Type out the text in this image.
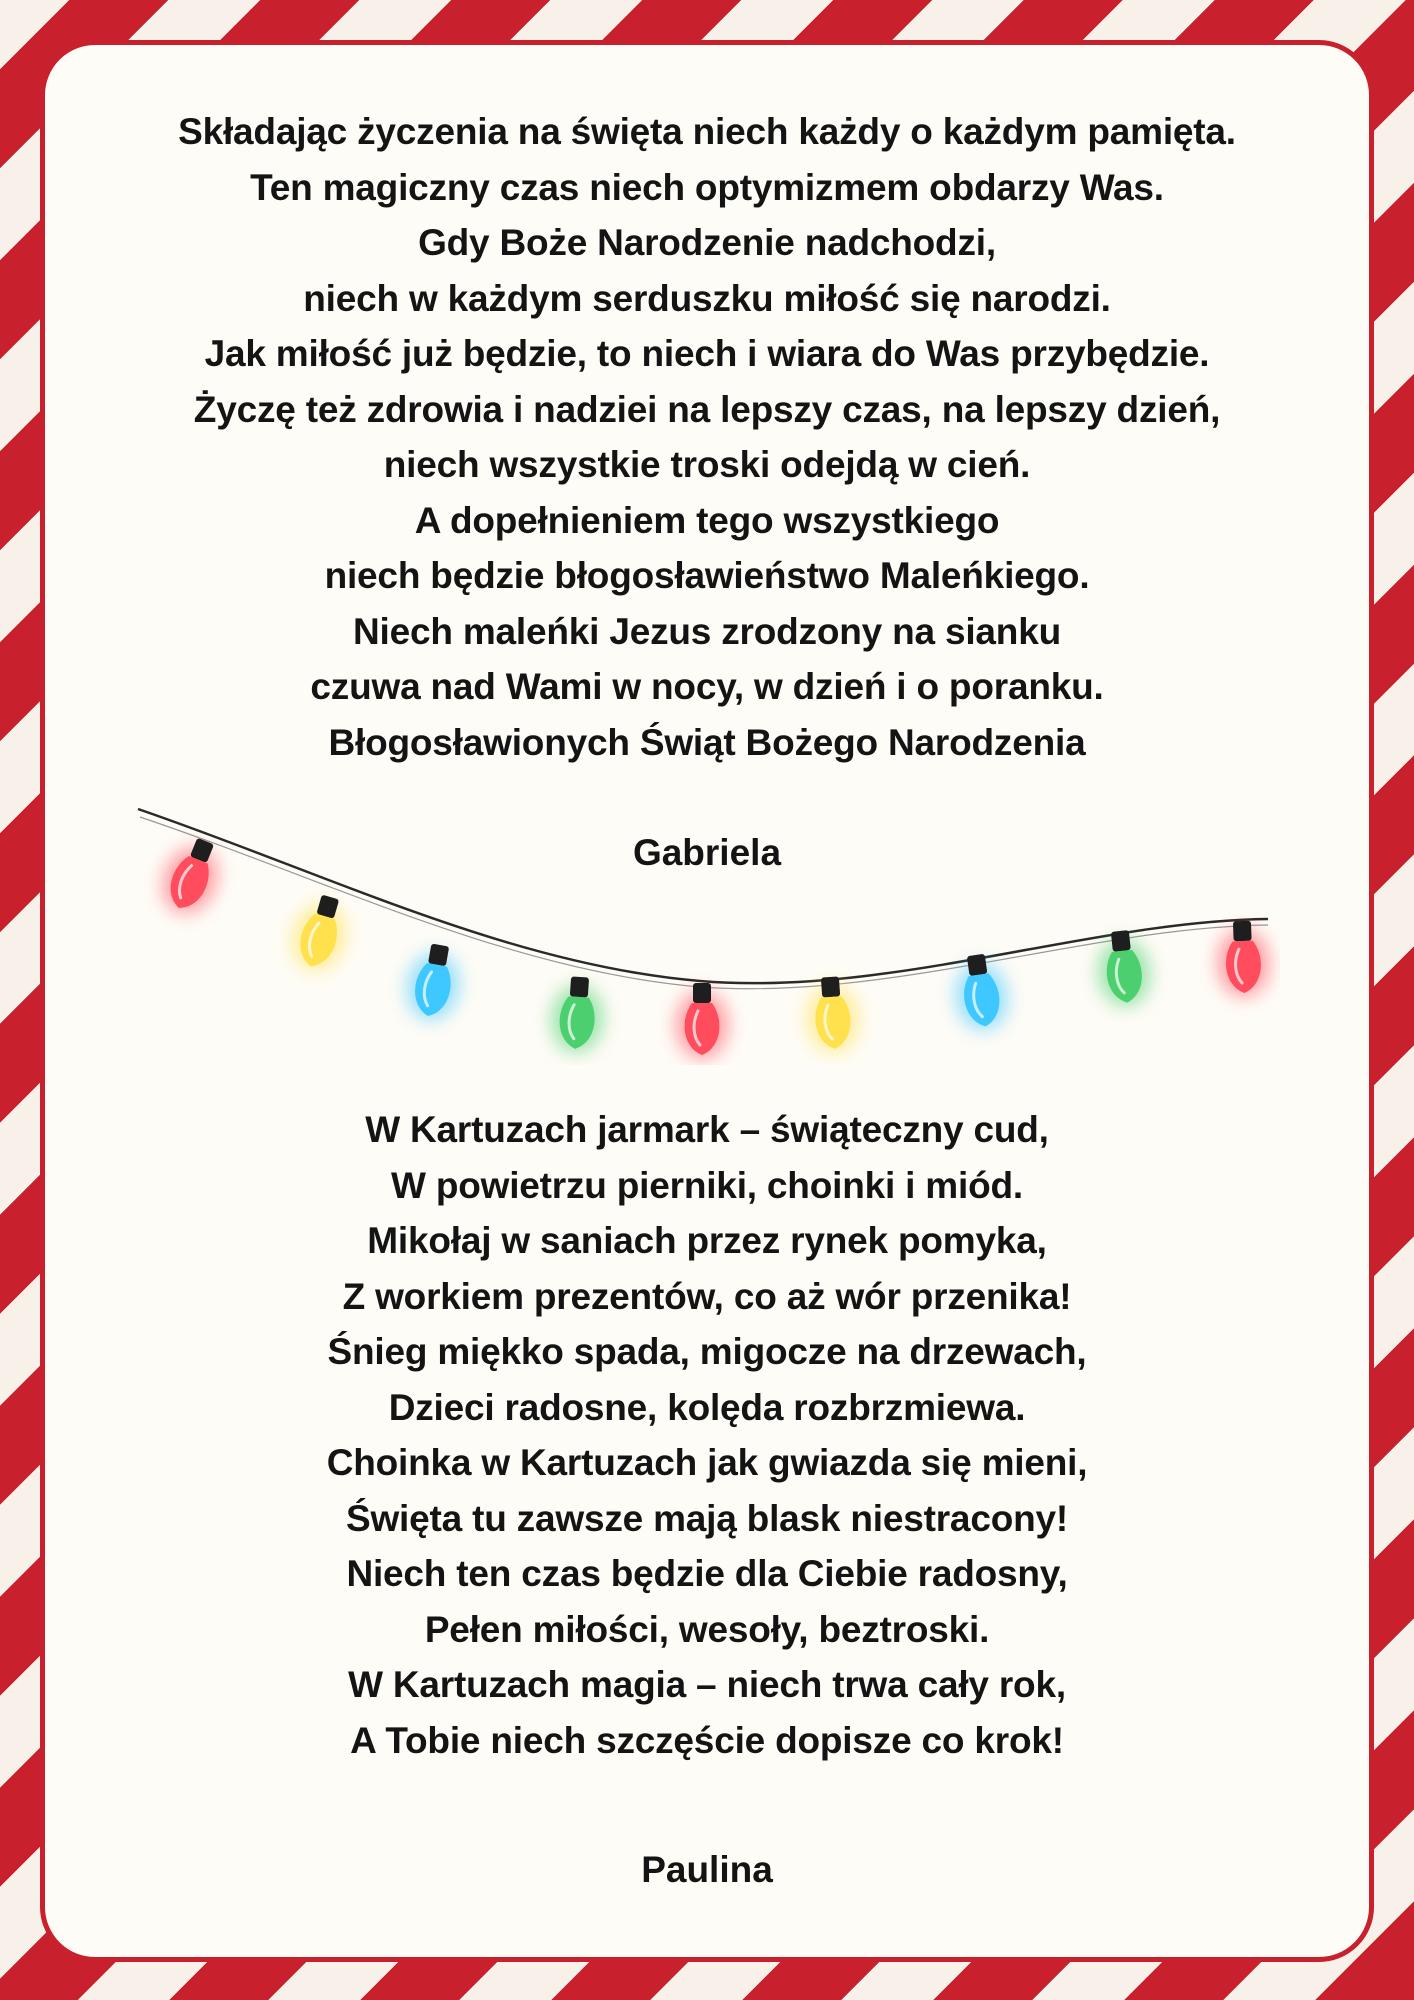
Składając życzenia na święta niech każdy o każdym pamięta.
Ten magiczny czas niech optymizmem obdarzy Was.
Gdy Boże Narodzenie nadchodzi,
niech w każdym serduszku miłość się narodzi.
Jak miłość już będzie, to niech i wiara do Was przybędzie.
Życzę też zdrowia i nadziei na lepszy czas, na lepszy dzień,
niech wszystkie troski odejdą w cień.
A dopełnieniem tego wszystkiego
niech będzie błogosławieństwo Maleńkiego.
Niech maleńki Jezus zrodzony na sianku
czuwa nad Wami w nocy, w dzień i o poranku.
Błogosławionych Świąt Bożego Narodzenia
Gabriela
W Kartuzach jarmark – świąteczny cud,
W powietrzu pierniki, choinki i miód.
Mikołaj w saniach przez rynek pomyka,
Z workiem prezentów, co aż wór przenika!
Śnieg miękko spada, migocze na drzewach,
Dzieci radosne, kolęda rozbrzmiewa.
Choinka w Kartuzach jak gwiazda się mieni,
Święta tu zawsze mają blask niestracony!
Niech ten czas będzie dla Ciebie radosny,
Pełen miłości, wesoły, beztroski.
W Kartuzach magia – niech trwa cały rok,
A Tobie niech szczęście dopisze co krok!
Paulina
